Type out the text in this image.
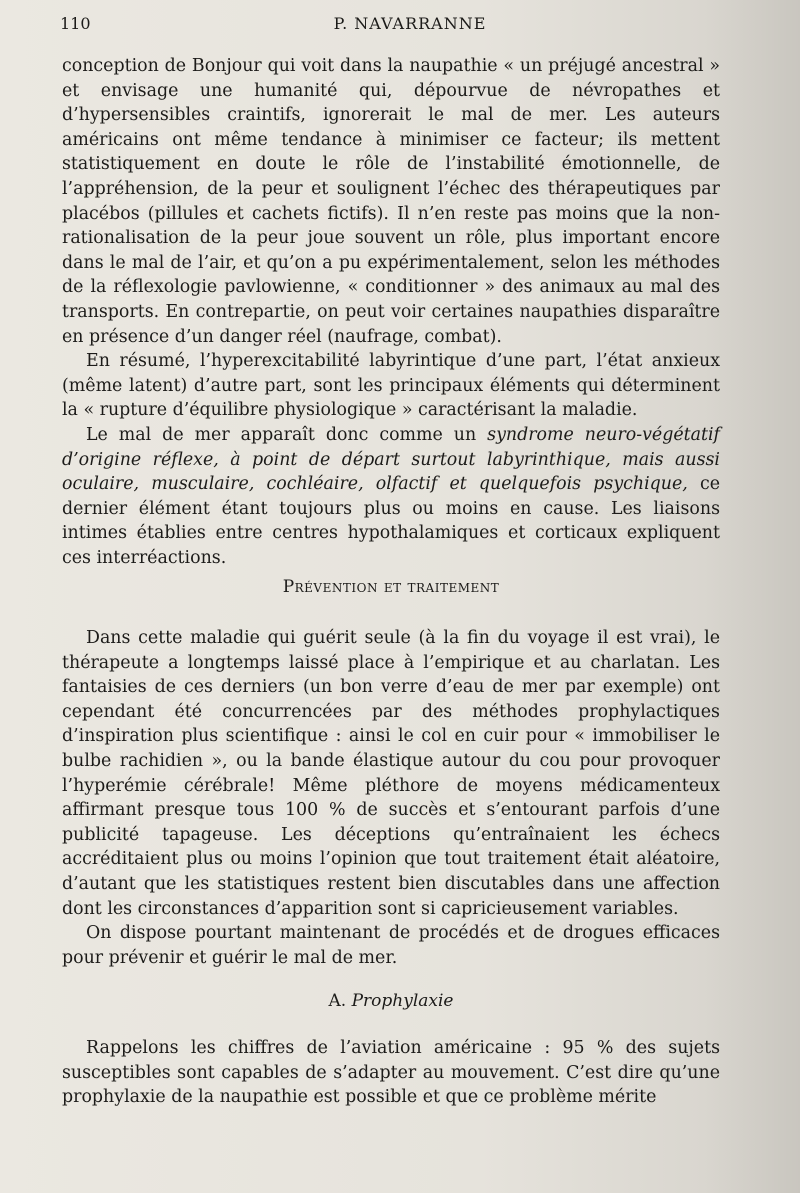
110	P. NAVARRANNE

conception de Bonjour qui voit dans la naupathie « un préjugé ancestral » et envisage une humanité qui, dépourvue de névropathes et d’hypersensibles craintifs, ignorerait le mal de mer. Les auteurs américains ont même tendance à minimiser ce facteur; ils mettent statistiquement en doute le rôle de l’instabilité émotionnelle, de l’appréhension, de la peur et soulignent l’échec des thérapeutiques par placébos (pillules et cachets fictifs). Il n’en reste pas moins que la non-rationalisation de la peur joue souvent un rôle, plus important encore dans le mal de l’air, et qu’on a pu expérimentalement, selon les méthodes de la réflexologie pavlowienne, « conditionner » des animaux au mal des transports. En contrepartie, on peut voir certaines naupathies disparaître en présence d’un danger réel (naufrage, combat).

En résumé, l’hyperexcitabilité labyrintique d’une part, l’état anxieux (même latent) d’autre part, sont les principaux éléments qui déterminent la « rupture d’équilibre physiologique » caractérisant la maladie.

Le mal de mer apparaît donc comme un syndrome neuro-végétatif d’origine réflexe, à point de départ surtout labyrinthique, mais aussi oculaire, musculaire, cochléaire, olfactif et quelquefois psychique, ce dernier élément étant toujours plus ou moins en cause. Les liaisons intimes établies entre centres hypothalamiques et corticaux expliquent ces interréactions.

Prévention et traitement

Dans cette maladie qui guérit seule (à la fin du voyage il est vrai), le thérapeute a longtemps laissé place à l’empirique et au charlatan. Les fantaisies de ces derniers (un bon verre d’eau de mer par exemple) ont cependant été concurrencées par des méthodes prophylactiques d’inspiration plus scientifique : ainsi le col en cuir pour « immobiliser le bulbe rachidien », ou la bande élastique autour du cou pour provoquer l’hyperémie cérébrale! Même pléthore de moyens médicamenteux affirmant presque tous 100 % de succès et s’entourant parfois d’une publicité tapageuse. Les déceptions qu’entraînaient les échecs accréditaient plus ou moins l’opinion que tout traitement était aléatoire, d’autant que les statistiques restent bien discutables dans une affection dont les circonstances d’apparition sont si capricieusement variables.

On dispose pourtant maintenant de procédés et de drogues efficaces pour prévenir et guérir le mal de mer.

A. Prophylaxie

Rappelons les chiffres de l’aviation américaine : 95 % des sujets susceptibles sont capables de s’adapter au mouvement. C’est dire qu’une prophylaxie de la naupathie est possible et que ce problème mérite
